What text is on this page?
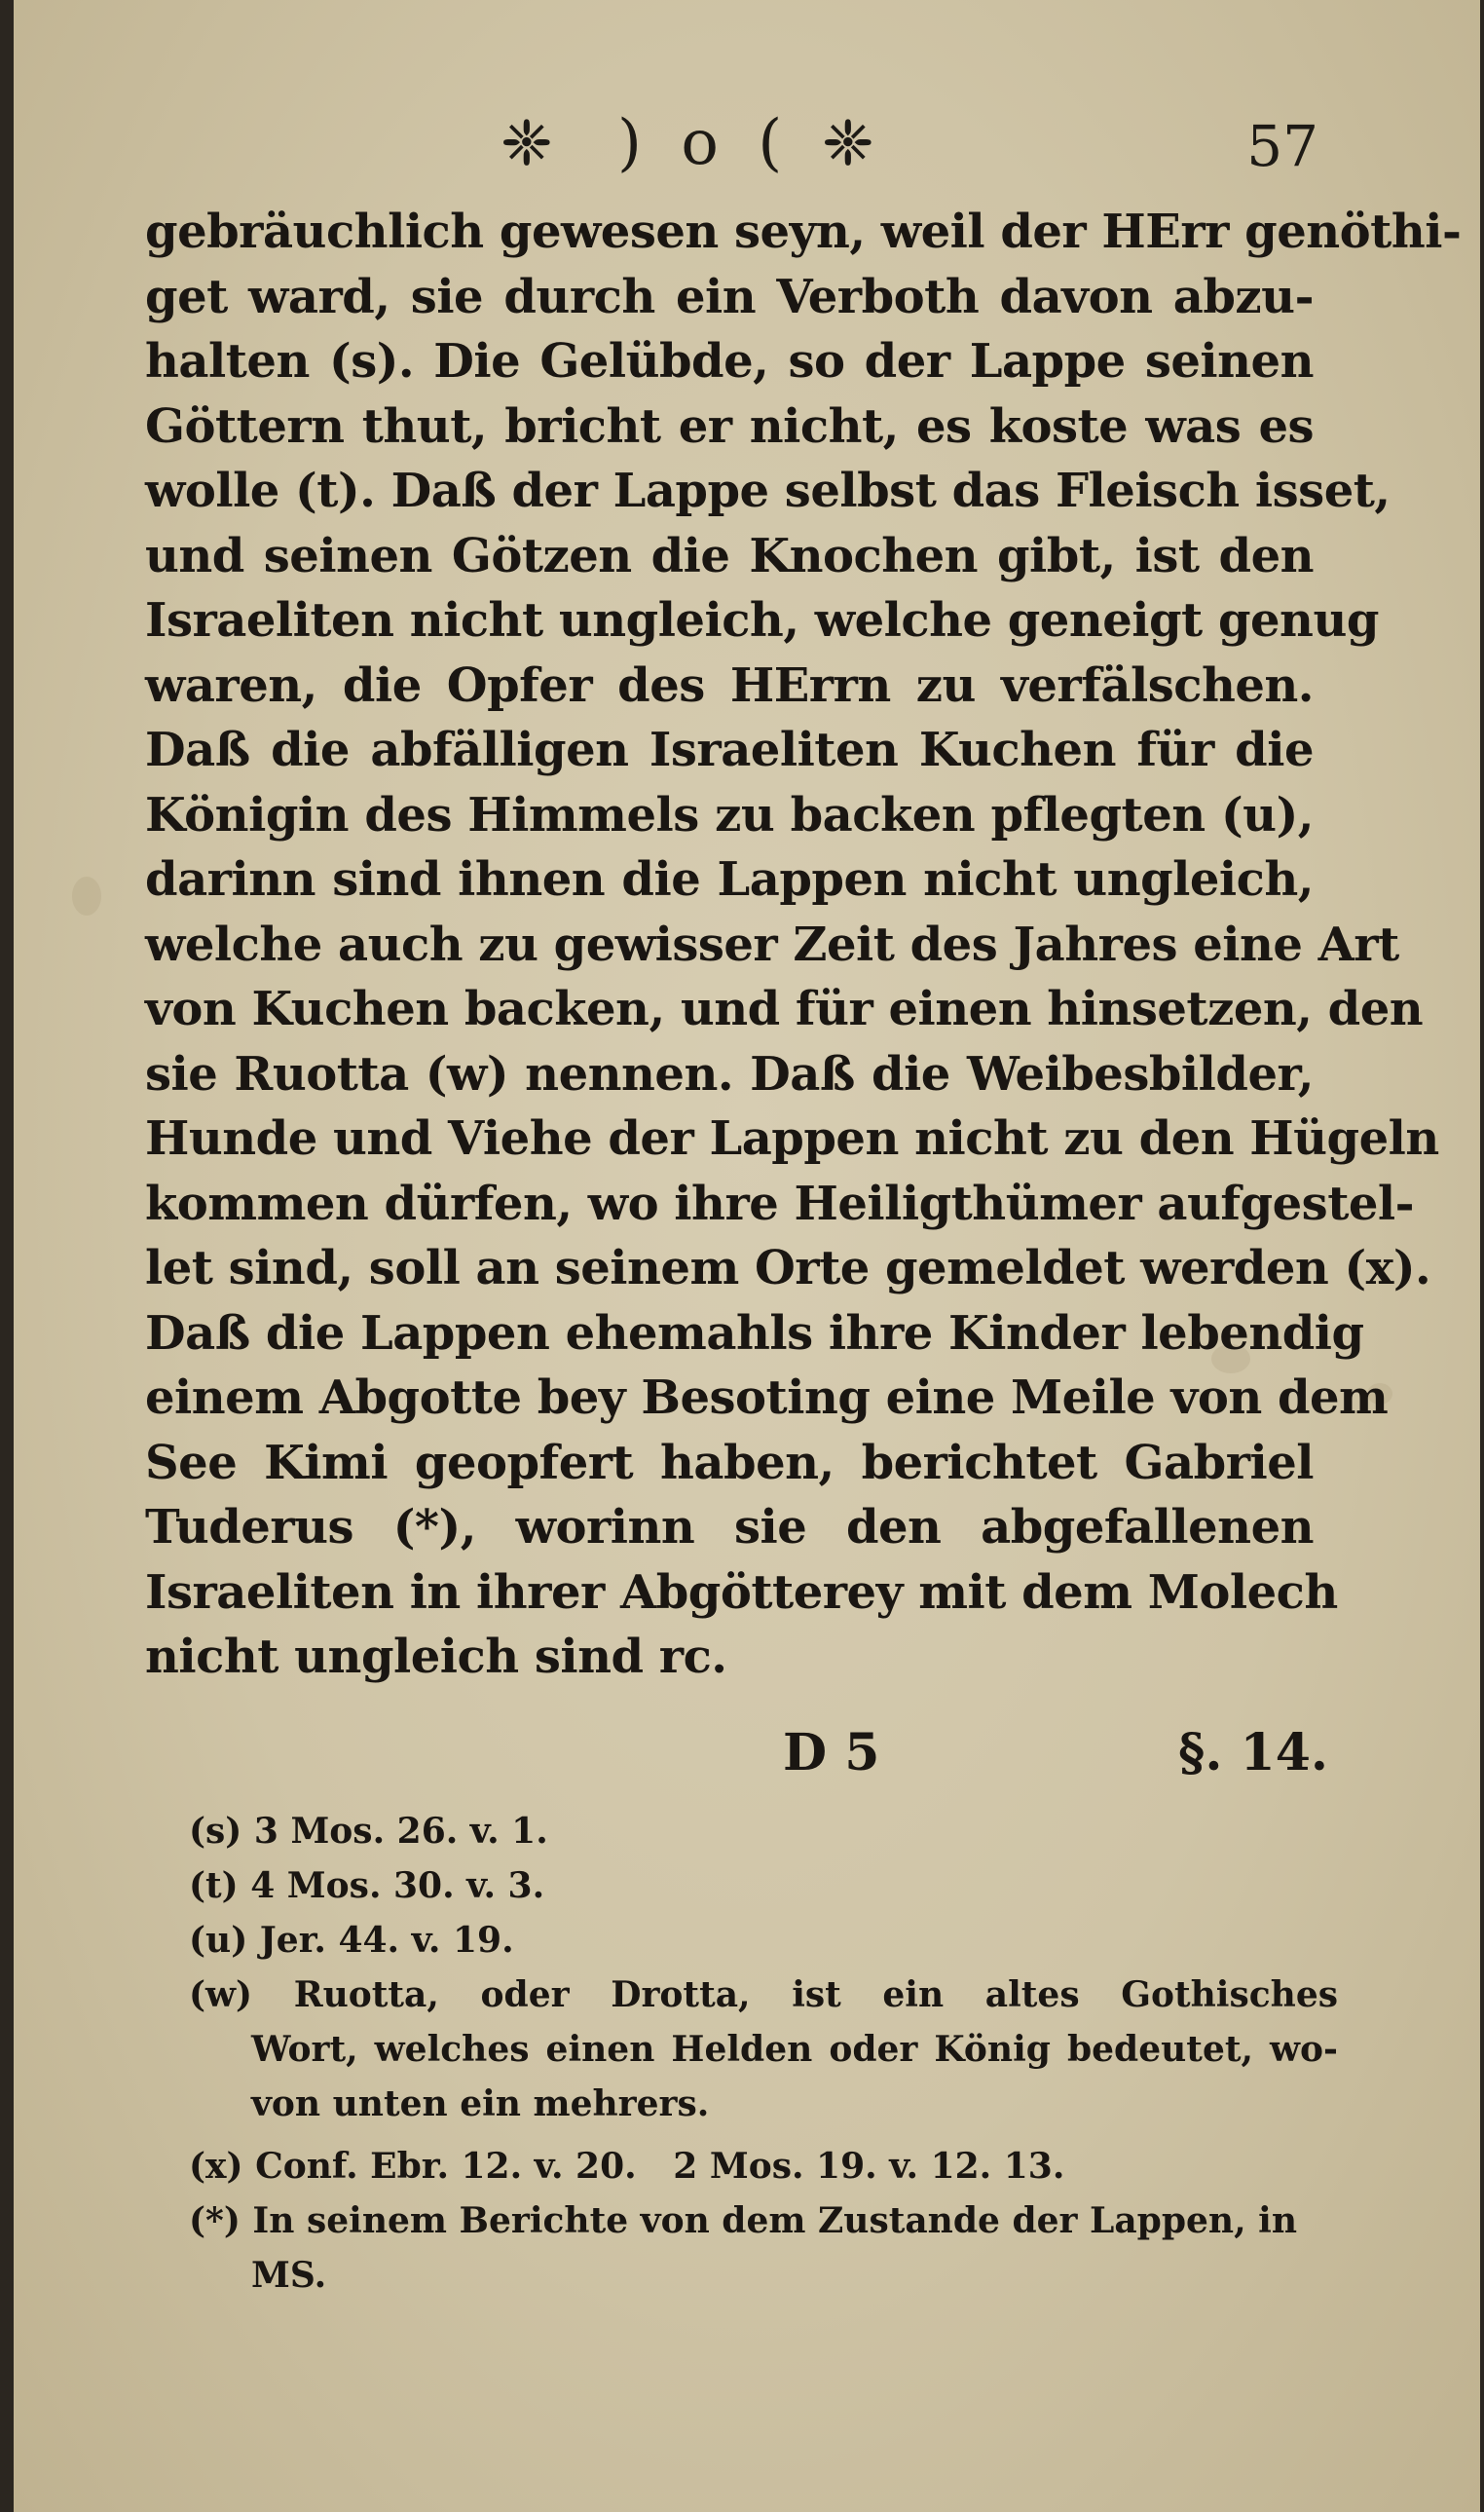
❈ ) o ( ❈	57
gebräuchlich gewesen seyn, weil der HErr genöthi-
get ward, sie durch ein Verboth davon abzu-
halten (s). Die Gelübde, so der Lappe seinen
Göttern thut, bricht er nicht, es koste was es
wolle (t). Daß der Lappe selbst das Fleisch isset,
und seinen Götzen die Knochen gibt, ist den
Israeliten nicht ungleich, welche geneigt genug
waren, die Opfer des HErrn zu verfälschen.
Daß die abfälligen Israeliten Kuchen für die
Königin des Himmels zu backen pflegten (u),
darinn sind ihnen die Lappen nicht ungleich,
welche auch zu gewisser Zeit des Jahres eine Art
von Kuchen backen, und für einen hinsetzen, den
sie Ruotta (w) nennen. Daß die Weibesbilder,
Hunde und Viehe der Lappen nicht zu den Hügeln
kommen dürfen, wo ihre Heiligthümer aufgestel-
let sind, soll an seinem Orte gemeldet werden (x).
Daß die Lappen ehemahls ihre Kinder lebendig
einem Abgotte bey Besoting eine Meile von dem
See Kimi geopfert haben, berichtet Gabriel
Tuderus (*), worinn sie den abgefallenen
Israeliten in ihrer Abgötterey mit dem Molech
nicht ungleich sind rc.
D 5	§. 14.
(s) 3 Mos. 26. v. 1.
(t) 4 Mos. 30. v. 3.
(u) Jer. 44. v. 19.
(w) Ruotta, oder Drotta, ist ein altes Gothisches
Wort, welches einen Helden oder König bedeutet, wo-
von unten ein mehrers.
(x) Conf. Ebr. 12. v. 20.   2 Mos. 19. v. 12. 13.
(*) In seinem Berichte von dem Zustande der Lappen, in
MS.
